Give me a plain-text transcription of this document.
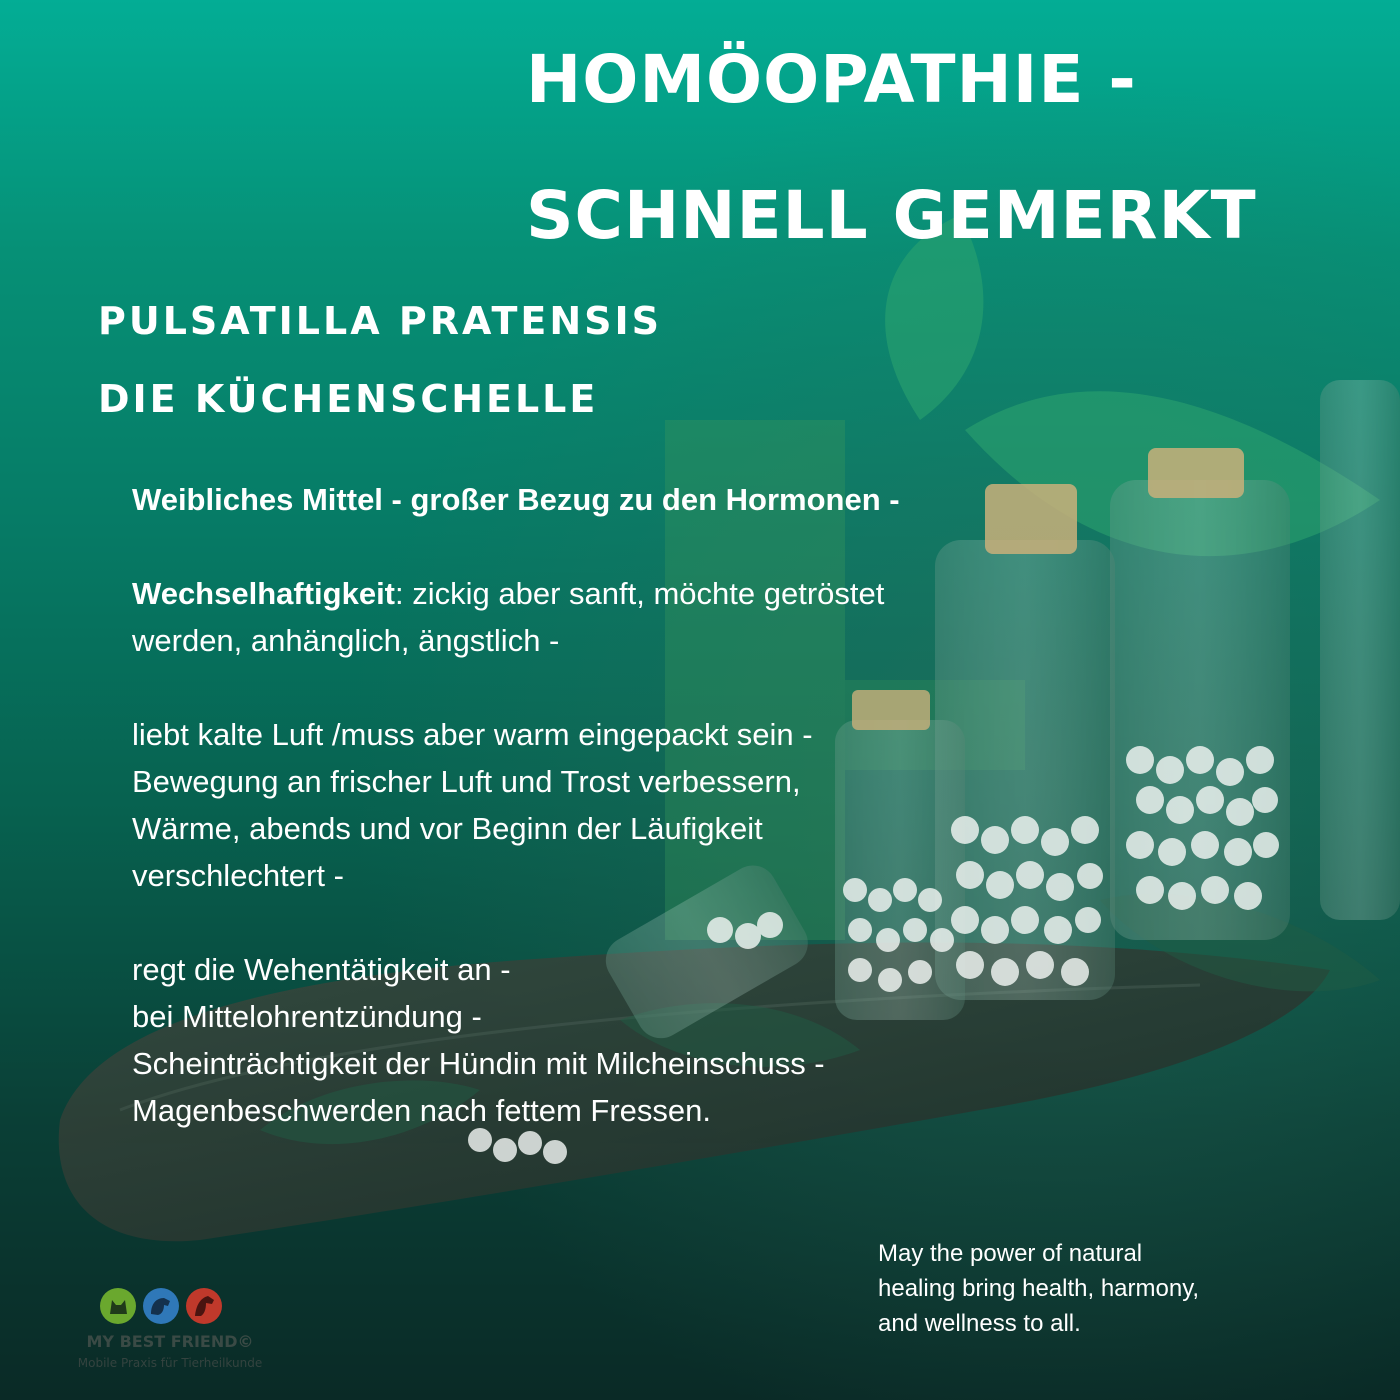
HOMÖOPATHIE -
SCHNELL GEMERKT
PULSATILLA PRATENSIS
DIE KÜCHENSCHELLE
Weibliches Mittel - großer Bezug zu den Hormonen -
Wechselhaftigkeit: zickig aber sanft, möchte getröstet
werden, anhänglich, ängstlich -
liebt kalte Luft /muss aber warm eingepackt sein -
Bewegung an frischer Luft und Trost verbessern,
Wärme, abends und vor Beginn der Läufigkeit
verschlechtert -
regt die Wehentätigkeit an -
bei Mittelohrentzündung -
Scheinträchtigkeit der Hündin mit Milcheinschuss -
Magenbeschwerden nach fettem Fressen.
May the power of natural
healing bring health, harmony,
and wellness to all.
MY BEST FRIEND©
Mobile Praxis für Tierheilkunde
